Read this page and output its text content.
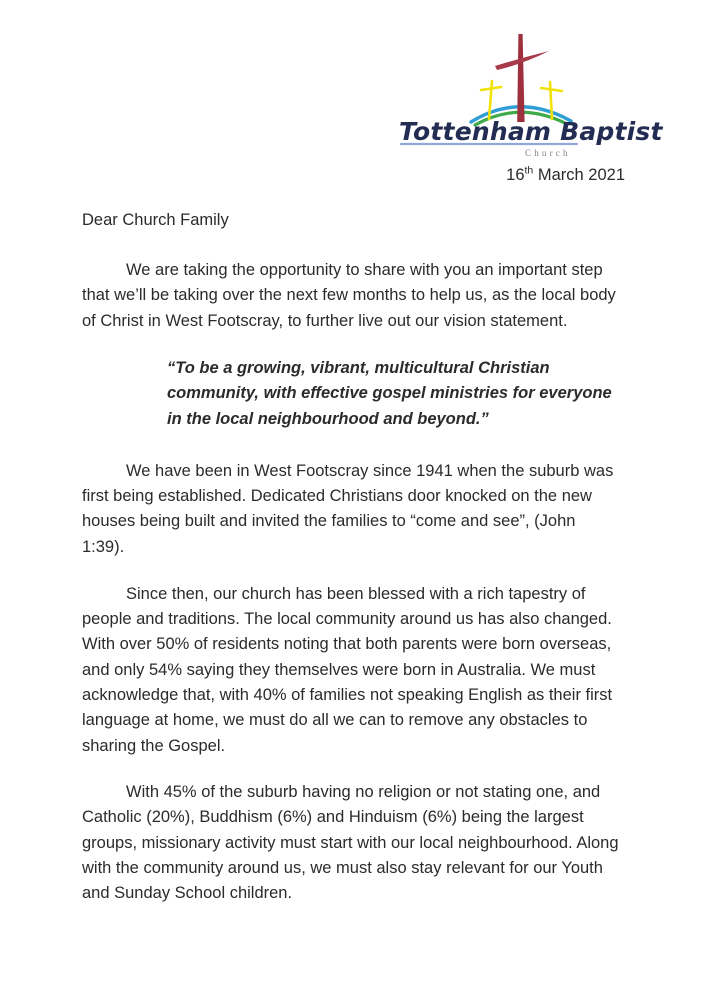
Tottenham Baptist
Church
16th March 2021

Dear Church Family

We are taking the opportunity to share with you an important step that we’ll be taking over the next few months to help us, as the local body of Christ in West Footscray, to further live out our vision statement.

“To be a growing, vibrant, multicultural Christian community, with effective gospel ministries for everyone in the local neighbourhood and beyond.”

We have been in West Footscray since 1941 when the suburb was first being established. Dedicated Christians door knocked on the new houses being built and invited the families to “come and see”, (John 1:39).

Since then, our church has been blessed with a rich tapestry of people and traditions. The local community around us has also changed. With over 50% of residents noting that both parents were born overseas, and only 54% saying they themselves were born in Australia. We must acknowledge that, with 40% of families not speaking English as their first language at home, we must do all we can to remove any obstacles to sharing the Gospel.

With 45% of the suburb having no religion or not stating one, and Catholic (20%), Buddhism (6%) and Hinduism (6%) being the largest groups, missionary activity must start with our local neighbourhood. Along with the community around us, we must also stay relevant for our Youth and Sunday School children.
